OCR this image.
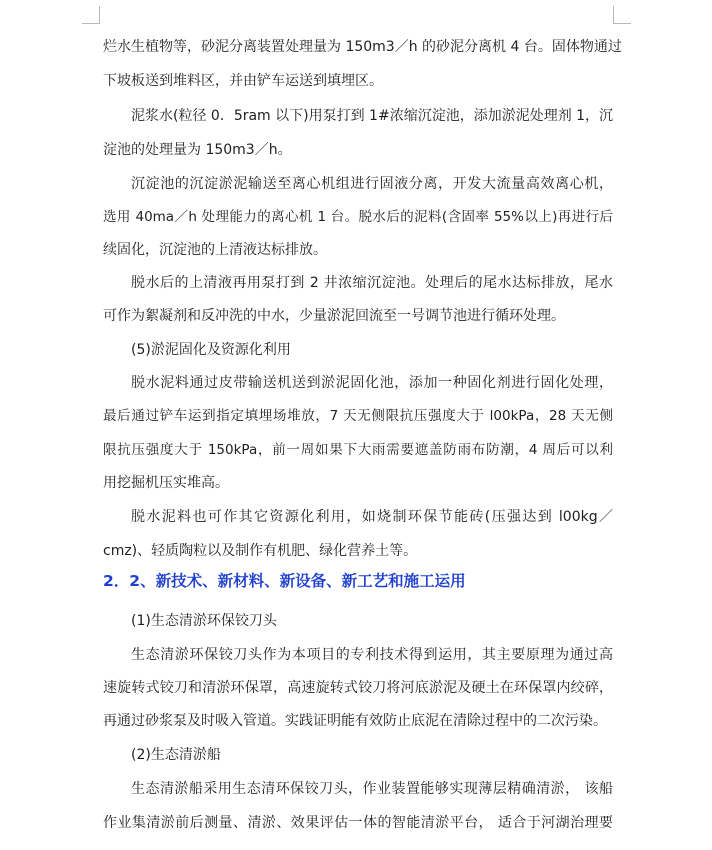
烂水生植物等，砂泥分离装置处理量为 150m3／h 的砂泥分离机 4 台。固体物通过
下坡板送到堆料区，并由铲车运送到填埋区。
泥浆水(粒径 0．5ram 以下)用泵打到 1#浓缩沉淀池，添加淤泥处理剂 1，沉
淀池的处理量为 150m3／h。
沉淀池的沉淀淤泥输送至离心机组进行固液分离，开发大流量高效离心机，
选用 40ma／h 处理能力的离心机 1 台。脱水后的泥料(含固率 55%以上)再进行后
续固化，沉淀池的上清液达标排放。
脱水后的上清液再用泵打到 2 井浓缩沉淀池。处理后的尾水达标排放，尾水
可作为絮凝剂和反冲洗的中水，少量淤泥回流至一号调节池进行循环处理。
(5)淤泥固化及资源化利用
脱水泥料通过皮带输送机送到淤泥固化池，添加一种固化剂进行固化处理，
最后通过铲车运到指定填埋场堆放，7 天无侧限抗压强度大于 l00kPa，28 天无侧
限抗压强度大于 150kPa，前一周如果下大雨需要遮盖防雨布防潮，4 周后可以利
用挖掘机压实堆高。
脱水泥料也可作其它资源化利用，如烧制环保节能砖(压强达到 l00kg／
cmz)、轻质陶粒以及制作有机肥、绿化营养土等。
2．2、新技术、新材料、新设备、新工艺和施工运用
(1)生态清淤环保铰刀头
生态清淤环保铰刀头作为本项目的专利技术得到运用，其主要原理为通过高
速旋转式铰刀和清淤环保罩，高速旋转式铰刀将河底淤泥及硬土在环保罩内绞碎，
再通过砂浆泵及时吸入管道。实践证明能有效防止底泥在清除过程中的二次污染。
(2)生态清淤船
生态清淤船采用生态清环保铰刀头，作业装置能够实现薄层精确清淤， 该船
作业集清淤前后测量、清淤、效果评估一体的智能清淤平台， 适合于河湖治理要
